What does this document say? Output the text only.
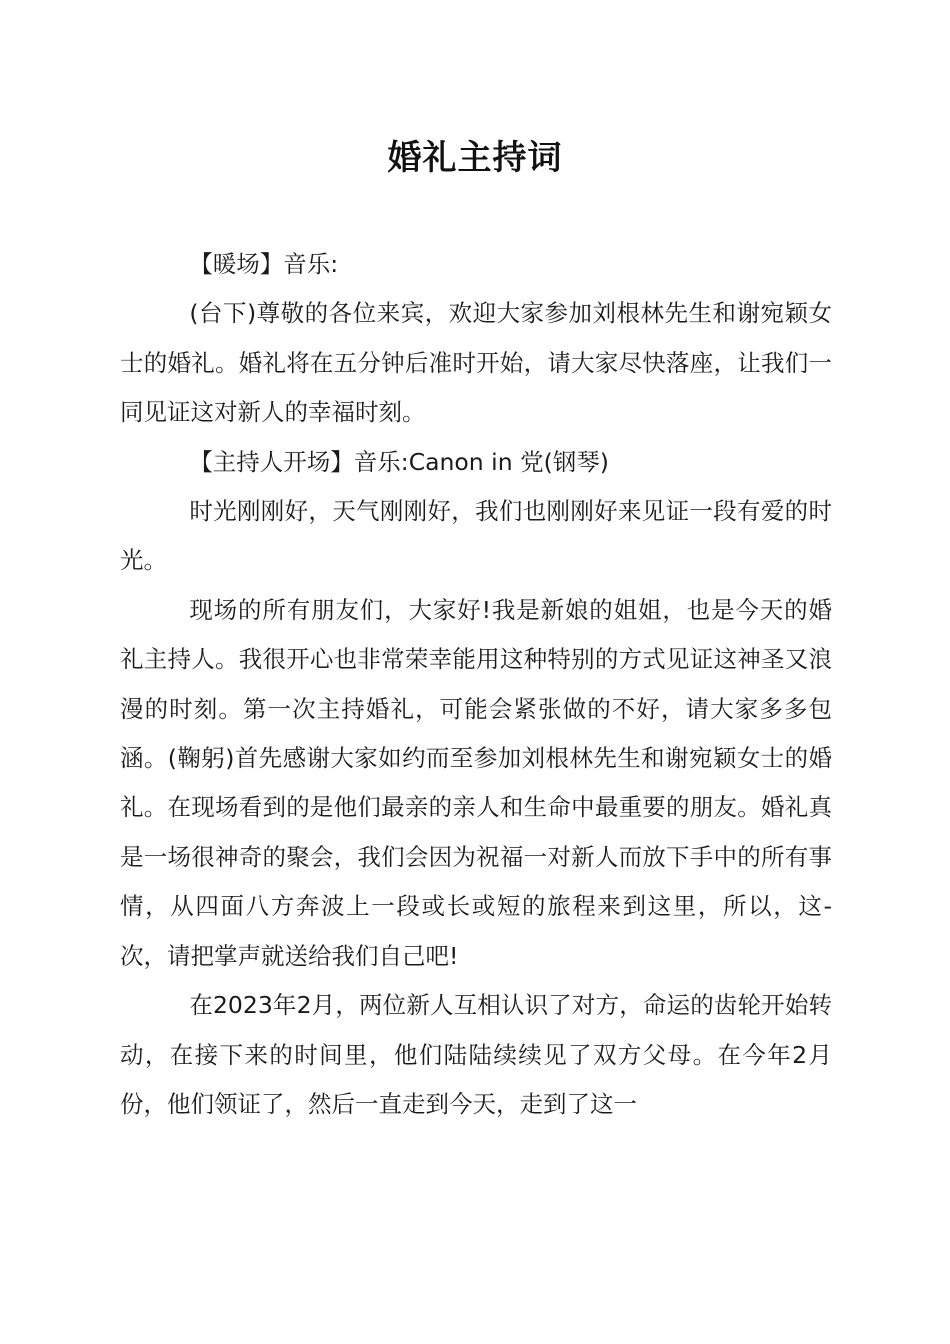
婚礼主持词

【暖场】音乐:

(台下)尊敬的各位来宾，欢迎大家参加刘根林先生和谢宛颖女士的婚礼。婚礼将在五分钟后准时开始，请大家尽快落座，让我们一同见证这对新人的幸福时刻。

【主持人开场】音乐:Canon in 党(钢琴)

时光刚刚好，天气刚刚好，我们也刚刚好来见证一段有爱的时光。

现场的所有朋友们，大家好!我是新娘的姐姐，也是今天的婚礼主持人。我很开心也非常荣幸能用这种特别的方式见证这神圣又浪漫的时刻。第一次主持婚礼，可能会紧张做的不好，请大家多多包涵。(鞠躬)首先感谢大家如约而至参加刘根林先生和谢宛颖女士的婚礼。在现场看到的是他们最亲的亲人和生命中最重要的朋友。婚礼真是一场很神奇的聚会，我们会因为祝福一对新人而放下手中的所有事情，从四面八方奔波上一段或长或短的旅程来到这里，所以，这-次，请把掌声就送给我们自己吧!

在2023年2月，两位新人互相认识了对方，命运的齿轮开始转动，在接下来的时间里，他们陆陆续续见了双方父母。在今年2月份，他们领证了，然后一直走到今天，走到了这一
